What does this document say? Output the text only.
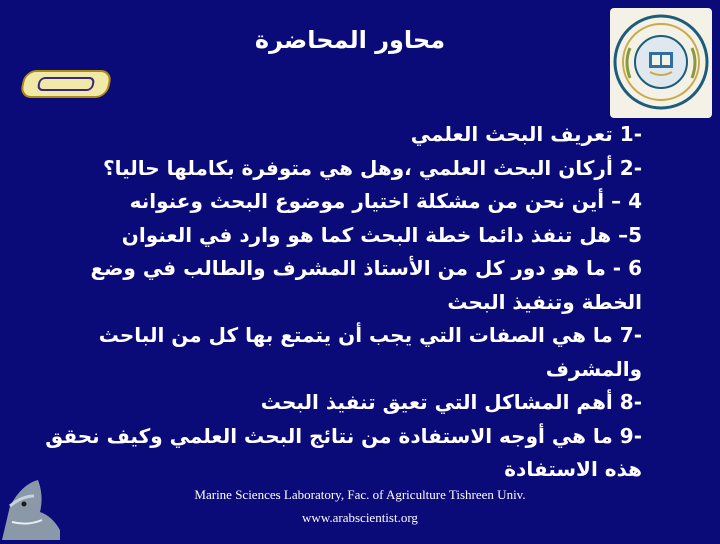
محاور المحاضرة
-1 تعريف البحث العلمي
-2 أركان البحث العلمي ،وهل هي متوفرة بكاملها حاليا؟
4 – أين نحن من مشكلة اختيار موضوع البحث وعنوانه
5– هل تنفذ دائما خطة البحث كما هو وارد في العنوان
6 - ما هو دور كل من الأستاذ المشرف والطالب في وضع
الخطة وتنفيذ البحث
-7 ما هي الصفات التي يجب أن يتمتع بها كل من الباحث
والمشرف
-8 أهم المشاكل التي تعيق تنفيذ البحث
-9 ما هي أوجه الاستفادة من نتائج البحث العلمي وكيف نحقق
هذه الاستفادة
Marine Sciences Laboratory, Fac. of Agriculture Tishreen Univ.
www.arabscientist.org
